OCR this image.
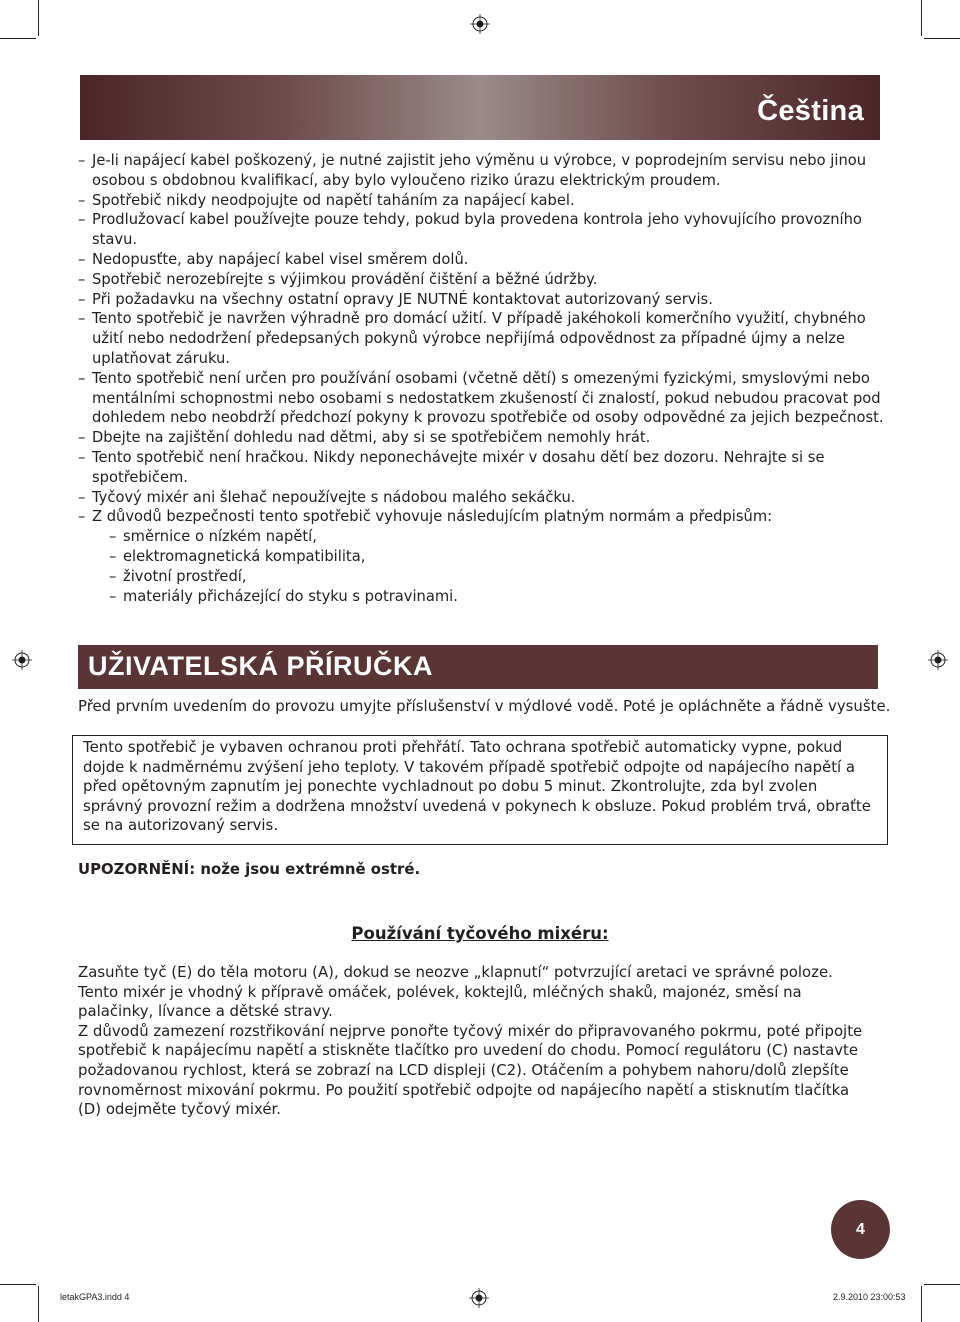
Čeština
– Je-li napájecí kabel poškozený, je nutné zajistit jeho výměnu u výrobce, v poprodejním servisu nebo jinou osobou s obdobnou kvalifikací, aby bylo vyloučeno riziko úrazu elektrickým proudem.
– Spotřebič nikdy neodpojujte od napětí taháním za napájecí kabel.
– Prodlužovací kabel používejte pouze tehdy, pokud byla provedena kontrola jeho vyhovujícího provozního stavu.
– Nedopusťte, aby napájecí kabel visel směrem dolů.
– Spotřebič nerozebírejte s výjimkou provádění čištění a běžné údržby.
– Při požadavku na všechny ostatní opravy JE NUTNÉ kontaktovat autorizovaný servis.
– Tento spotřebič je navržen výhradně pro domácí užití. V případě jakéhokoli komerčního využití, chybného užití nebo nedodržení předepsaných pokynů výrobce nepřijímá odpovědnost za případné újmy a nelze uplatňovat záruku.
– Tento spotřebič není určen pro používání osobami (včetně dětí) s omezenými fyzickými, smyslovými nebo mentálními schopnostmi nebo osobami s nedostatkem zkušeností či znalostí, pokud nebudou pracovat pod dohledem nebo neobdrží předchozí pokyny k provozu spotřebiče od osoby odpovědné za jejich bezpečnost.
– Dbejte na zajištění dohledu nad dětmi, aby si se spotřebičem nemohly hrát.
– Tento spotřebič není hračkou. Nikdy neponechávejte mixér v dosahu dětí bez dozoru. Nehrajte si se spotřebičem.
– Tyčový mixér ani šlehač nepoužívejte s nádobou malého sekáčku.
– Z důvodů bezpečnosti tento spotřebič vyhovuje následujícím platným normám a předpisům:
– směrnice o nízkém napětí,
– elektromagnetická kompatibilita,
– životní prostředí,
– materiály přicházející do styku s potravinami.
UŽIVATELSKÁ PŘÍRUČKA
Před prvním uvedením do provozu umyjte příslušenství v mýdlové vodě. Poté je opláchněte a řádně vysušte.
Tento spotřebič je vybaven ochranou proti přehřátí. Tato ochrana spotřebič automaticky vypne, pokud dojde k nadměrnému zvýšení jeho teploty. V takovém případě spotřebič odpojte od napájecího napětí a před opětovným zapnutím jej ponechte vychladnout po dobu 5 minut. Zkontrolujte, zda byl zvolen správný provozní režim a dodržena množství uvedená v pokynech k obsluze. Pokud problém trvá, obraťte se na autorizovaný servis.
UPOZORNĚNÍ: nože jsou extrémně ostré.
Používání tyčového mixéru:
Zasuňte tyč (E) do těla motoru (A), dokud se neozve „klapnutí“ potvrzující aretaci ve správné poloze. Tento mixér je vhodný k přípravě omáček, polévek, koktejlů, mléčných shaků, majonéz, směsí na palačinky, lívance a dětské stravy.
Z důvodů zamezení rozstřikování nejprve ponořte tyčový mixér do připravovaného pokrmu, poté připojte spotřebič k napájecímu napětí a stiskněte tlačítko pro uvedení do chodu. Pomocí regulátoru (C) nastavte požadovanou rychlost, která se zobrazí na LCD displeji (C2). Otáčením a pohybem nahoru/dolů zlepšíte rovnoměrnost mixování pokrmu. Po použití spotřebič odpojte od napájecího napětí a stisknutím tlačítka (D) odejměte tyčový mixér.
4
letakGPA3.indd 4	2.9.2010 23:00:53
